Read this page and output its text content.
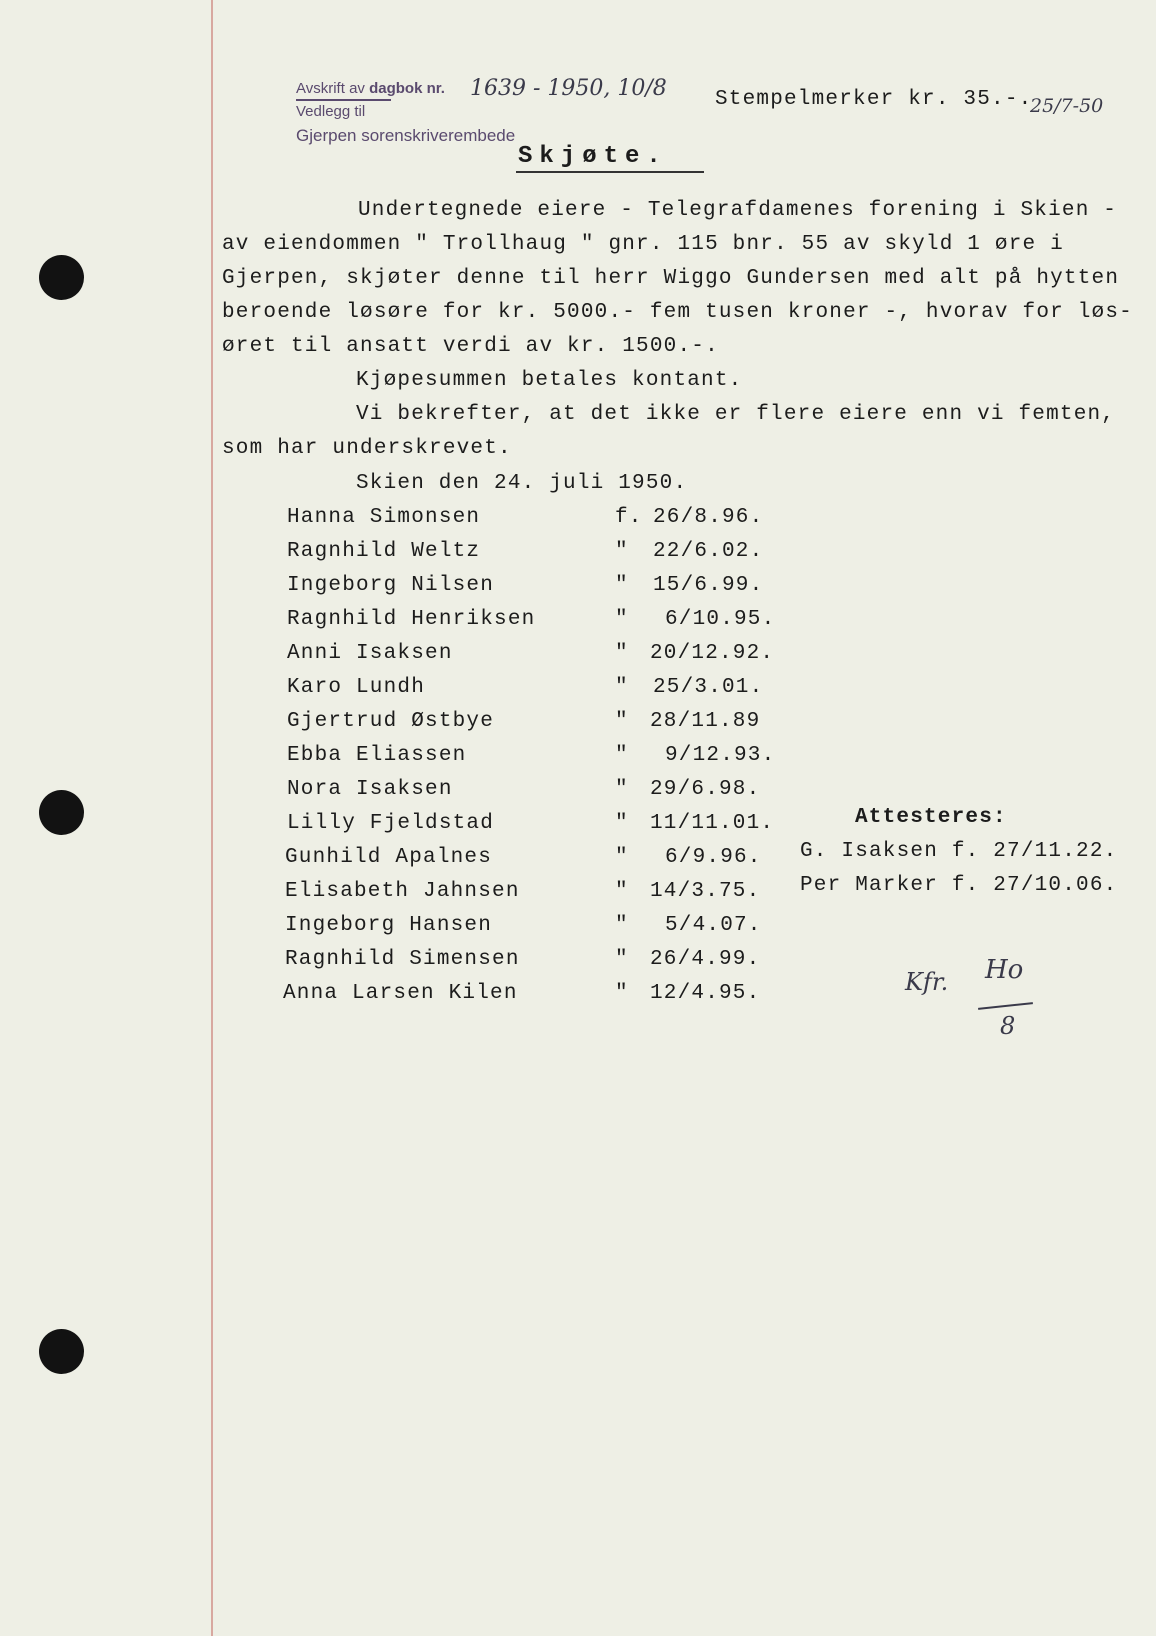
Avskrift av dagbok nr. 1639 - 1950, 10/8
Vedlegg til
Gjerpen sorenskriverembede
Stempelmerker kr. 35.-.
25/7-50
Skjøte.
Undertegnede eiere - Telegrafdamenes forening i Skien -
av eiendommen " Trollhaug " gnr. 115 bnr. 55 av skyld 1 øre i
Gjerpen, skjøter denne til herr Wiggo Gundersen med alt på hytten
beroende løsøre for kr. 5000.- fem tusen kroner -, hvorav for løs-
øret til ansatt verdi av kr. 1500.-.
Kjøpesummen betales kontant.
Vi bekrefter, at det ikke er flere eiere enn vi femten,
som har underskrevet.
Skien den 24. juli 1950.
Hanna Simonsen	f. 26/8.96.
Ragnhild Weltz	" 22/6.02.
Ingeborg Nilsen	" 15/6.99.
Ragnhild Henriksen	" 6/10.95.
Anni Isaksen	" 20/12.92.
Karo Lundh	" 25/3.01.
Gjertrud Østbye	" 28/11.89
Ebba Eliassen	" 9/12.93.
Nora Isaksen	" 29/6.98.
Lilly Fjeldstad	" 11/11.01.
Gunhild Apalnes	" 6/9.96.
Elisabeth Jahnsen	" 14/3.75.
Ingeborg Hansen	" 5/4.07.
Ragnhild Simensen	" 26/4.99.
Anna Larsen Kilen	" 12/4.95.
Attesteres:
G. Isaksen f. 27/11.22.
Per Marker f. 27/10.06.
Kfr. Ho
8
